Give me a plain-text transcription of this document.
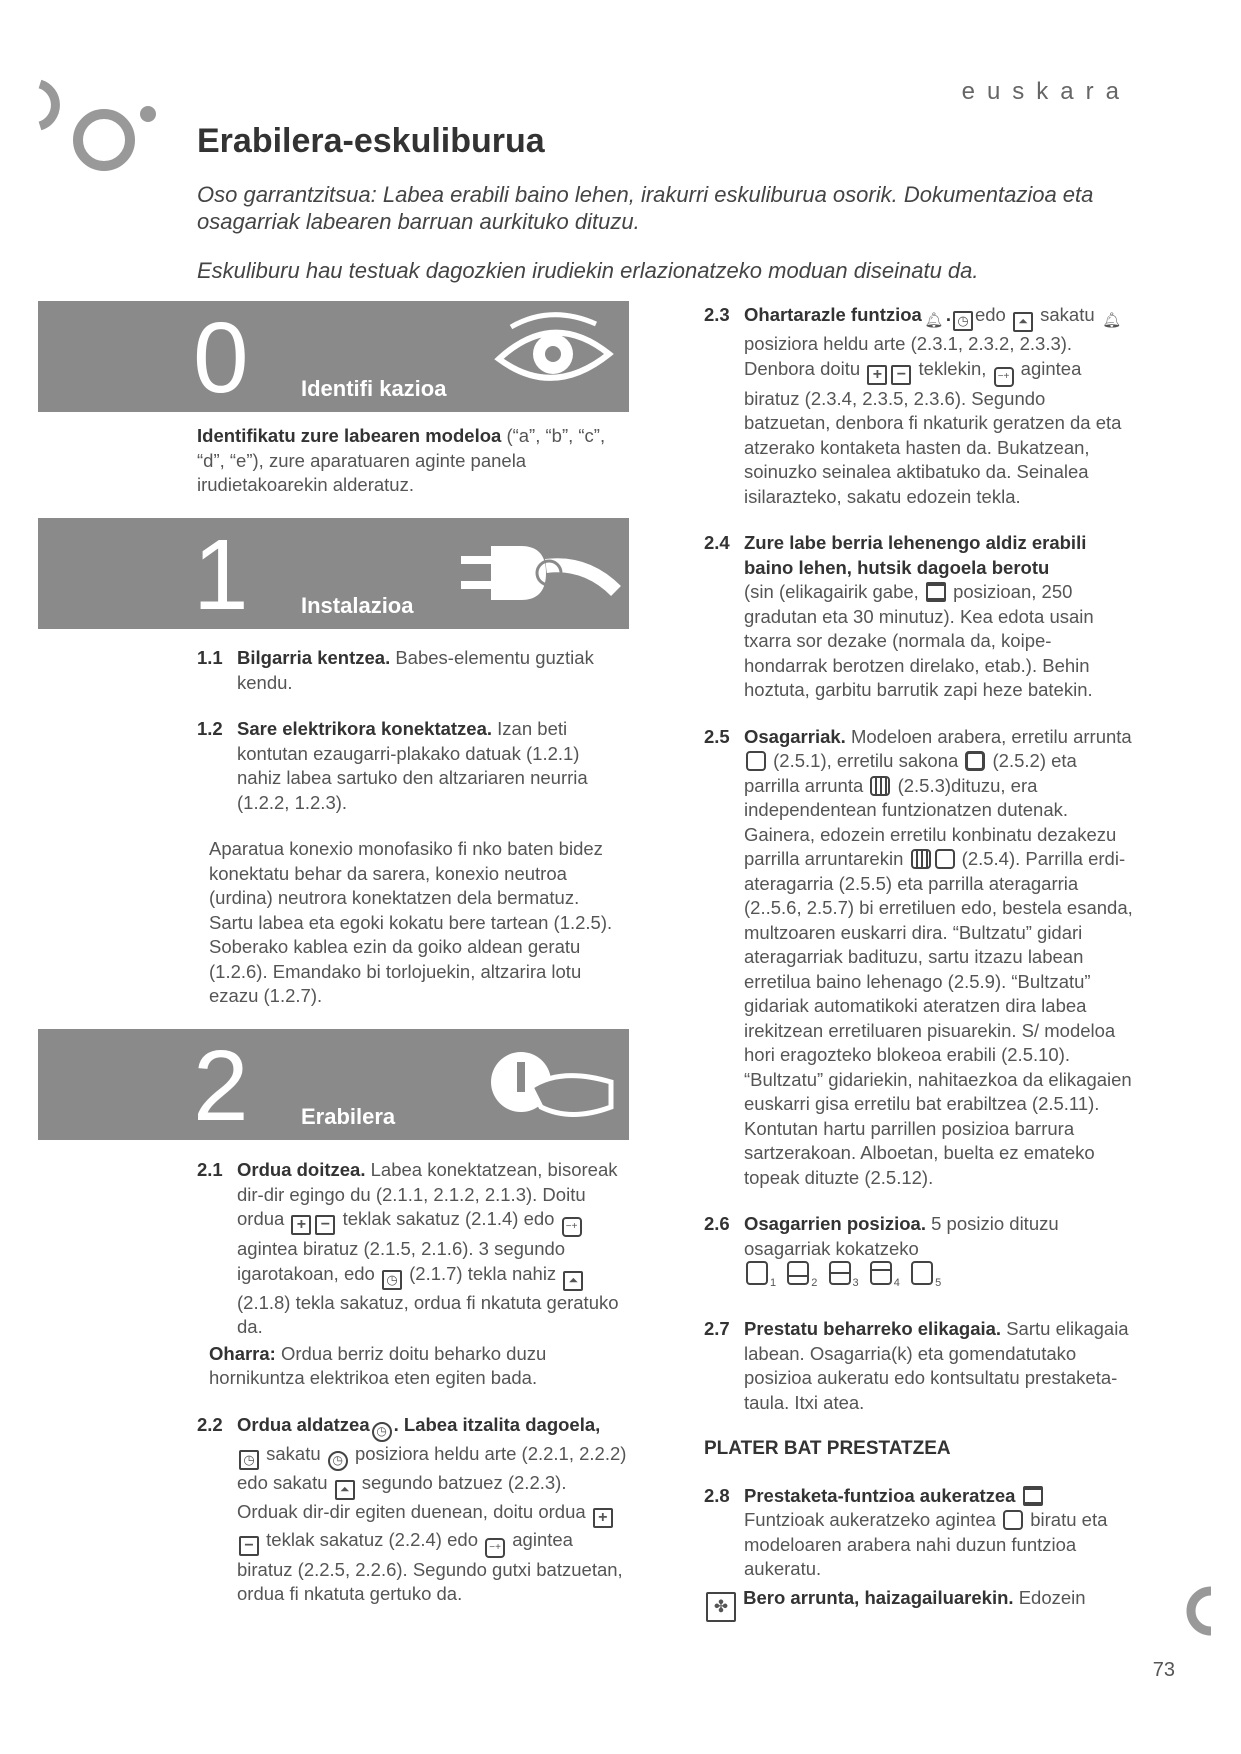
euskara
Erabilera-eskuliburua

Oso garrantzitsua: Labea erabili baino lehen, irakurri eskuliburua osorik. Dokumentazioa eta osagarriak labearen barruan aurkituko dituzu.

Eskuliburu hau testuak dagozkien irudiekin erlazionatzeko moduan diseinatu da.

0 Identifi kazioa

Identifikatu zure labearen modeloa (“a”, “b”, “c”, “d”, “e”), zure aparatuaren aginte panela irudietakoarekin alderatuz.

1 Instalazioa
1.1 Bilgarria kentzea. Babes-elementu guztiak kendu.

1.2 Sare elektrikora konektatzea. Izan beti kontutan ezaugarri-plakako datuak (1.2.1) nahiz labea sartuko den altzariaren neurria (1.2.2, 1.2.3).

Aparatua konexio monofasiko fi nko baten bidez konektatu behar da sarera, konexio neutroa (urdina) neutrora konektatzen dela bermatuz. Sartu labea eta egoki kokatu bere tartean (1.2.5). Soberako kablea ezin da goiko aldean geratu (1.2.6). Emandako bi torlojuekin, altzarira lotu ezazu (1.2.7).

2 Erabilera
2.1 Ordua doitzea. Labea konektatzean, bisoreak dir-dir egingo du (2.1.1, 2.1.2, 2.1.3). Doitu ordua + − teklak sakatuz (2.1.4) edo −+ agintea biratuz (2.1.5, 2.1.6). 3 segundo igarotakoan, edo ◷ (2.1.7) tekla nahiz ⏶ (2.1.8) tekla sakatuz, ordua fi nkatuta geratuko da.

Oharra: Ordua berriz doitu beharko duzu hornikuntza elektrikoa eten egiten bada.

2.2 Ordua aldatzea ◷ . Labea itzalita dagoela, ◷ sakatu ◷ posiziora heldu arte (2.2.1, 2.2.2) edo sakatu ⏶ segundo batzuez (2.2.3). Orduak dir-dir egiten duenean, doitu ordua +− teklak sakatuz (2.2.4) edo −+ agintea biratuz (2.2.5, 2.2.6). Segundo gutxi batzuetan, ordua fi nkatuta gertuko da.

2.3 Ohartarazle funtzioa 🔔︎ . ◷ edo ⏶ sakatu 🔔︎ posiziora heldu arte (2.3.1, 2.3.2, 2.3.3). Denbora doitu + − teklekin, −+ agintea biratuz (2.3.4, 2.3.5, 2.3.6). Segundo batzuetan, denbora fi nkaturik geratzen da eta atzerako kontaketa hasten da. Bukatzean, soinuzko seinalea aktibatuko da. Seinalea isilarazteko, sakatu edozein tekla.

2.4 Zure labe berria lehenengo aldiz erabili baino lehen, hutsik dagoela berotu
(sin (elikagairik gabe, posizioan, 250 gradutan eta 30 minutuz). Kea edota usain txarra sor dezake (normala da, koipe-hondarrak berotzen direlako, etab.). Behin hoztuta, garbitu barrutik zapi heze batekin.

2.5 Osagarriak. Modeloen arabera, erretilu arrunta  (2.5.1), erretilu sakona (2.5.2) eta parrilla arrunta (2.5.3)dituzu, era independentean funtzionatzen dutenak. Gainera, edozein erretilu konbinatu dezakezu parrilla arruntarekin	(2.5.4). Parrilla erdi-ateragarria (2.5.5) eta parrilla ateragarria (2..5.6, 2.5.7) bi erretiluen edo, bestela esanda, multzoaren euskarri dira. “Bultzatu” gidari ateragarriak badituzu, sartu itzazu labean erretilua baino lehenago (2.5.9). “Bultzatu” gidariak automatikoki ateratzen dira labea irekitzean erretiluaren pisuarekin. S/ modeloa hori eragozteko blokeoa erabili (2.5.10). “Bultzatu” gidariekin, nahitaezkoa da elikagaien euskarri gisa erretilu bat erabiltzea (2.5.11). Kontutan hartu parrillen posizioa barrura sartzerakoan. Alboetan, buelta ez emateko topeak dituzte (2.5.12).

2.6 Osagarrien posizioa. 5 posizio dituzu osagarriak kokatzeko

$_1$	$_2$	$_3$	$_4$	$_5$
2.7 Prestatu beharreko elikagaia. Sartu elikagaia labean. Osagarria(k) eta gomendatutako posizioa aukeratu edo kontsultatu prestaketa-taula. Itxi atea.

PLATER BAT PRESTATZEA

2.8 Prestaketa-funtzioa aukeratzea
Funtzioak aukeratzeko agintea biratu eta modeloaren arabera nahi duzun funtzioa aukeratu.

✤ Bero arrunta, haizagailuarekin. Edozein

73
